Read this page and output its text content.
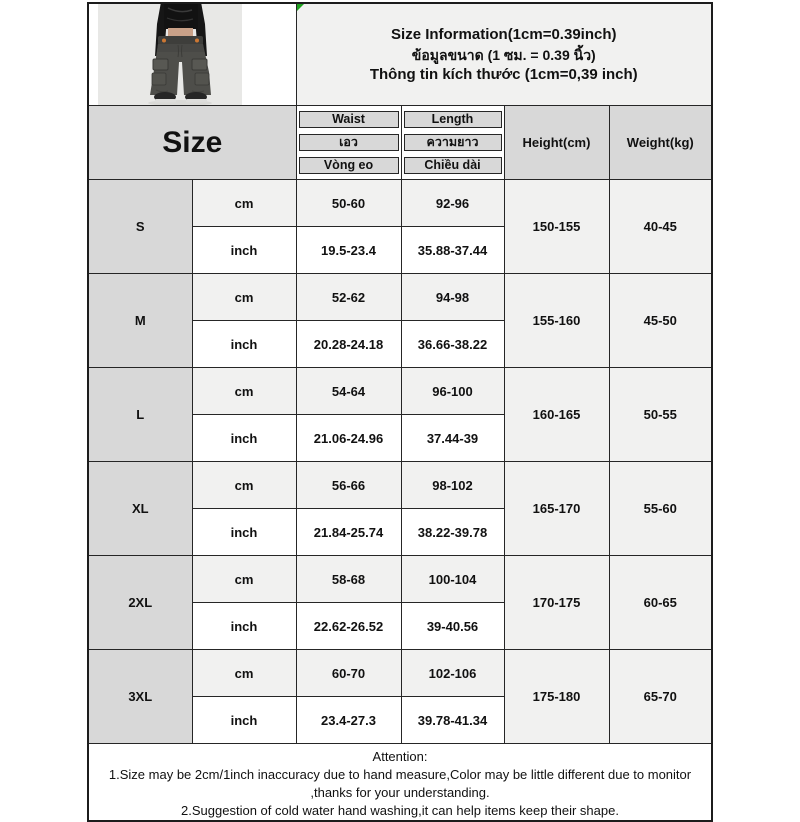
Size Information(1cm=0.39inch)
ข้อมูลขนาด (1 ซม. = 0.39 นิ้ว)
Thông tin kích thước (1cm=0,39 inch)			

Size		Waist	Length	Height(cm)	Weight(kg)

เอว	ความยาว		

Vòng eo	Chiều dài		

S	cm	50-60	92-96	150-155	40-45
	inch	19.5-23.4	35.88-37.44		
M	cm	52-62	94-98	155-160	45-50
	inch	20.28-24.18	36.66-38.22		
L	cm	54-64	96-100	160-165	50-55
	inch	21.06-24.96	37.44-39		
XL	cm	56-66	98-102	165-170	55-60
	inch	21.84-25.74	38.22-39.78		
2XL	cm	58-68	100-104	170-175	60-65
	inch	22.62-26.52	39-40.56		
3XL	cm	60-70	102-106	175-180	65-70
	inch	23.4-27.3	39.78-41.34		

Attention:
1.Size may be 2cm/1inch inaccuracy due to hand measure,Color may be little different due to monitor ,thanks for your understanding.
2.Suggestion of cold water hand washing,it can help items keep their shape.					
